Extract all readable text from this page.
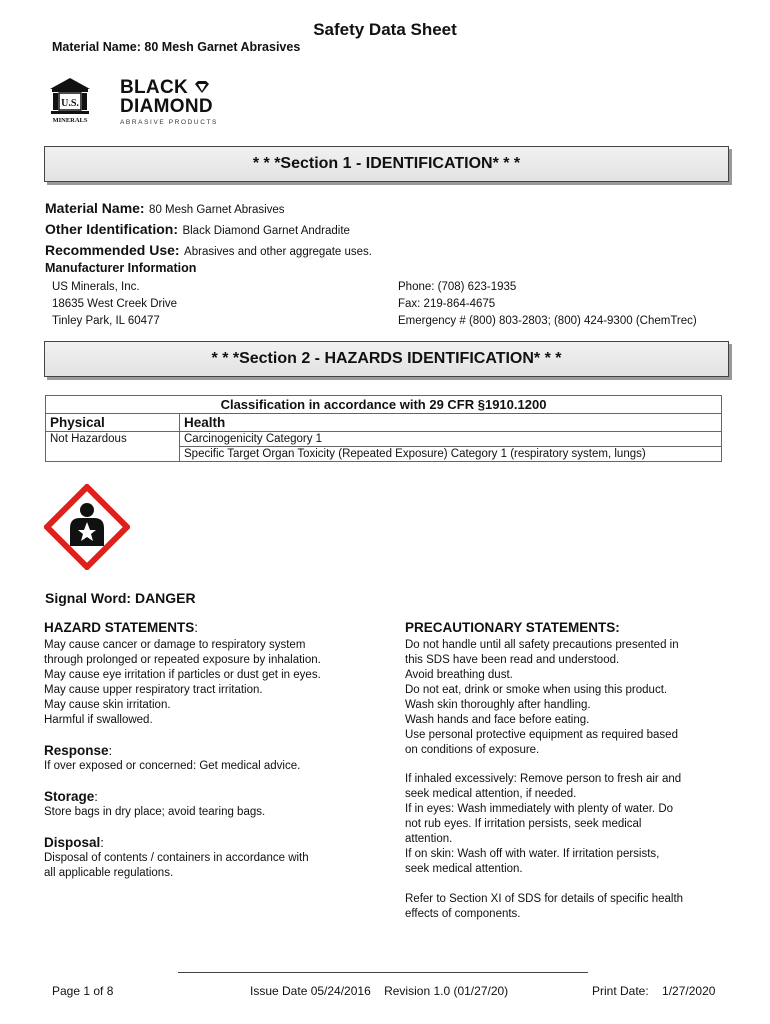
Safety Data Sheet
Material Name: 80 Mesh Garnet Abrasives
U.S.
MINERALS
BLACK
DIAMOND
ABRASIVE PRODUCTS
* * *Section 1 - IDENTIFICATION* * *
Material Name: 80 Mesh Garnet Abrasives
Other Identification: Black Diamond Garnet Andradite
Recommended Use: Abrasives and other aggregate uses.
Manufacturer Information
US Minerals, Inc.
18635 West Creek Drive
Tinley Park, IL 60477
Phone: (708) 623-1935
Fax: 219-864-4675
Emergency # (800) 803-2803; (800) 424-9300 (ChemTrec)
* * *Section 2 - HAZARDS IDENTIFICATION* * *
Classification in accordance with 29 CFR §1910.1200	
Physical	Health
Not Hazardous	Carcinogenicity Category 1
	Specific Target Organ Toxicity (Repeated Exposure) Category 1 (respiratory system, lungs)
Signal Word: DANGER
HAZARD STATEMENTS:
May cause cancer or damage to respiratory system
through prolonged or repeated exposure by inhalation.
May cause eye irritation if particles or dust get in eyes.
May cause upper respiratory tract irritation.
May cause skin irritation.
Harmful if swallowed.
Response:
If over exposed or concerned: Get medical advice.
Storage:
Store bags in dry place; avoid tearing bags.
Disposal:
Disposal of contents / containers in accordance with
all applicable regulations.
PRECAUTIONARY STATEMENTS:
Do not handle until all safety precautions presented in
this SDS have been read and understood.
Avoid breathing dust.
Do not eat, drink or smoke when using this product.
Wash skin thoroughly after handling.
Wash hands and face before eating.
Use personal protective equipment as required based
on conditions of exposure.
If inhaled excessively: Remove person to fresh air and
seek medical attention, if needed.
If in eyes: Wash immediately with plenty of water. Do
not rub eyes. If irritation persists, seek medical
attention.
If on skin: Wash off with water. If irritation persists,
seek medical attention.
Refer to Section XI of SDS for details of specific health
effects of components.
Page 1 of 8	Issue Date 05/24/2016    Revision 1.0 (01/27/20)	Print Date:    1/27/2020
